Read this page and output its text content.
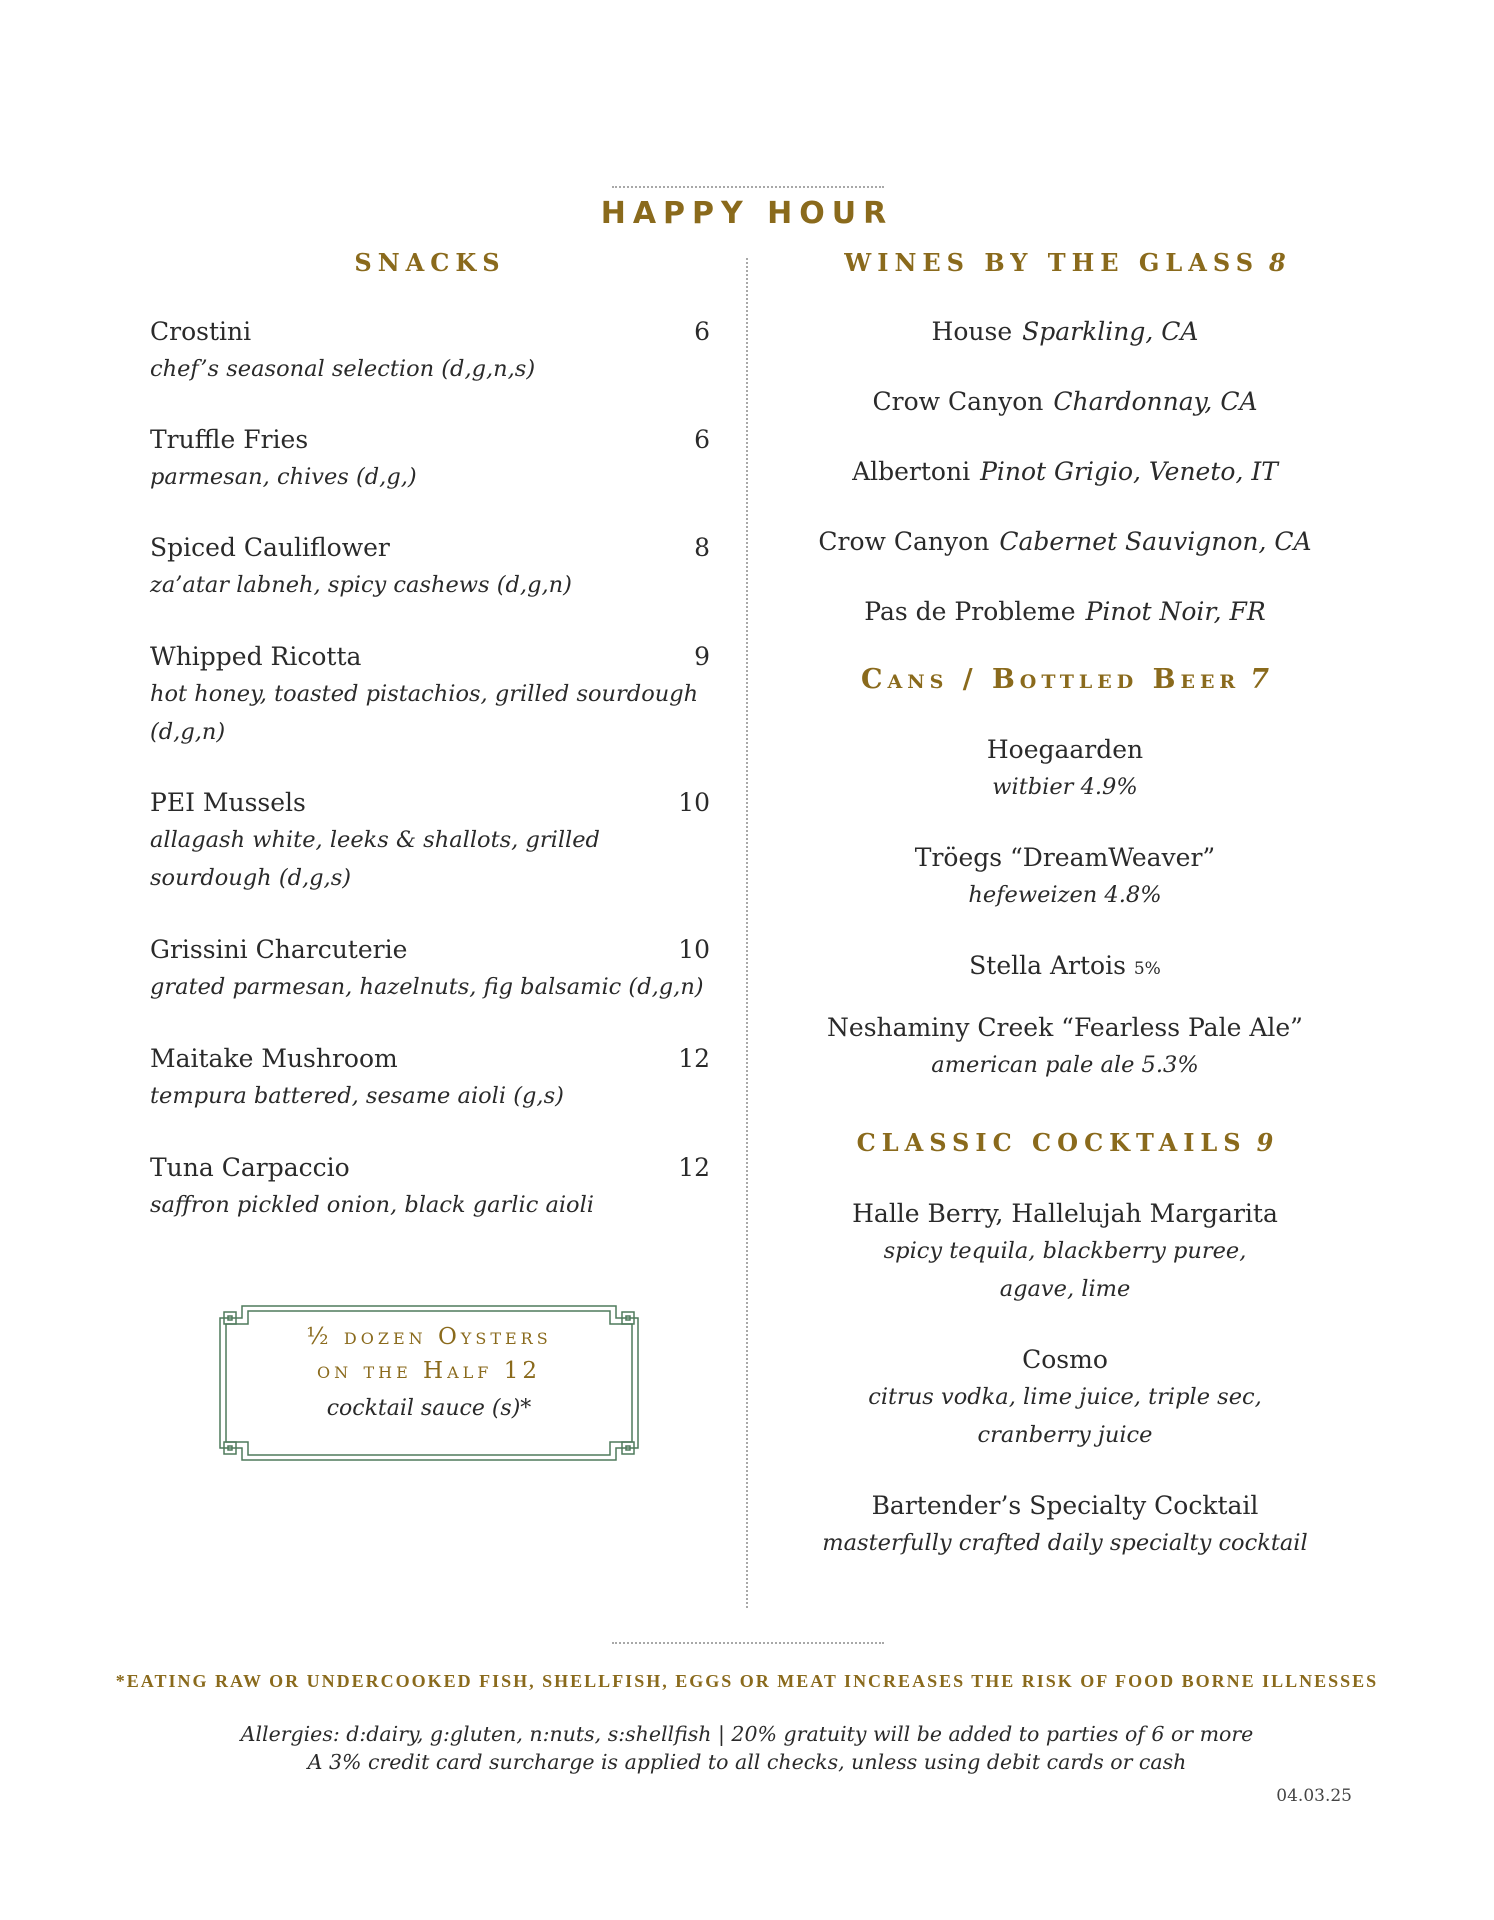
HAPPY HOUR
SNACKS
Crostini	6
chef’s seasonal selection (d,g,n,s)
Truffle Fries	6
parmesan, chives (d,g,)
Spiced Cauliflower	8
za’atar labneh, spicy cashews (d,g,n)
Whipped Ricotta	9
hot honey, toasted pistachios, grilled sourdough (d,g,n)
PEI Mussels	10
allagash white, leeks & shallots, grilled sourdough (d,g,s)
Grissini Charcuterie	10
grated parmesan, hazelnuts, fig balsamic (d,g,n)
Maitake Mushroom	12
tempura battered, sesame aioli (g,s)
Tuna Carpaccio	12
saffron pickled onion, black garlic aioli
½ dozen Oysters
on the Half 12
cocktail sauce (s)*
WINES BY THE GLASS 8
House Sparkling, CA
Crow Canyon Chardonnay, CA
Albertoni Pinot Grigio, Veneto, IT
Crow Canyon Cabernet Sauvignon, CA
Pas de Probleme Pinot Noir, FR
Cans / Bottled Beer 7
Hoegaarden
witbier 4.9%
Tröegs “DreamWeaver”
hefeweizen 4.8%
Stella Artois 5%
Neshaminy Creek “Fearless Pale Ale”
american pale ale 5.3%
CLASSIC COCKTAILS 9
Halle Berry, Hallelujah Margarita
spicy tequila, blackberry puree,
agave, lime
Cosmo
citrus vodka, lime juice, triple sec,
cranberry juice
Bartender’s Specialty Cocktail
masterfully crafted daily specialty cocktail
*EATING RAW OR UNDERCOOKED FISH, SHELLFISH, EGGS OR MEAT INCREASES THE RISK OF FOOD BORNE ILLNESSES
Allergies: d:dairy, g:gluten, n:nuts, s:shellfish | 20% gratuity will be added to parties of 6 or more
A 3% credit card surcharge is applied to all checks, unless using debit cards or cash
04.03.25
